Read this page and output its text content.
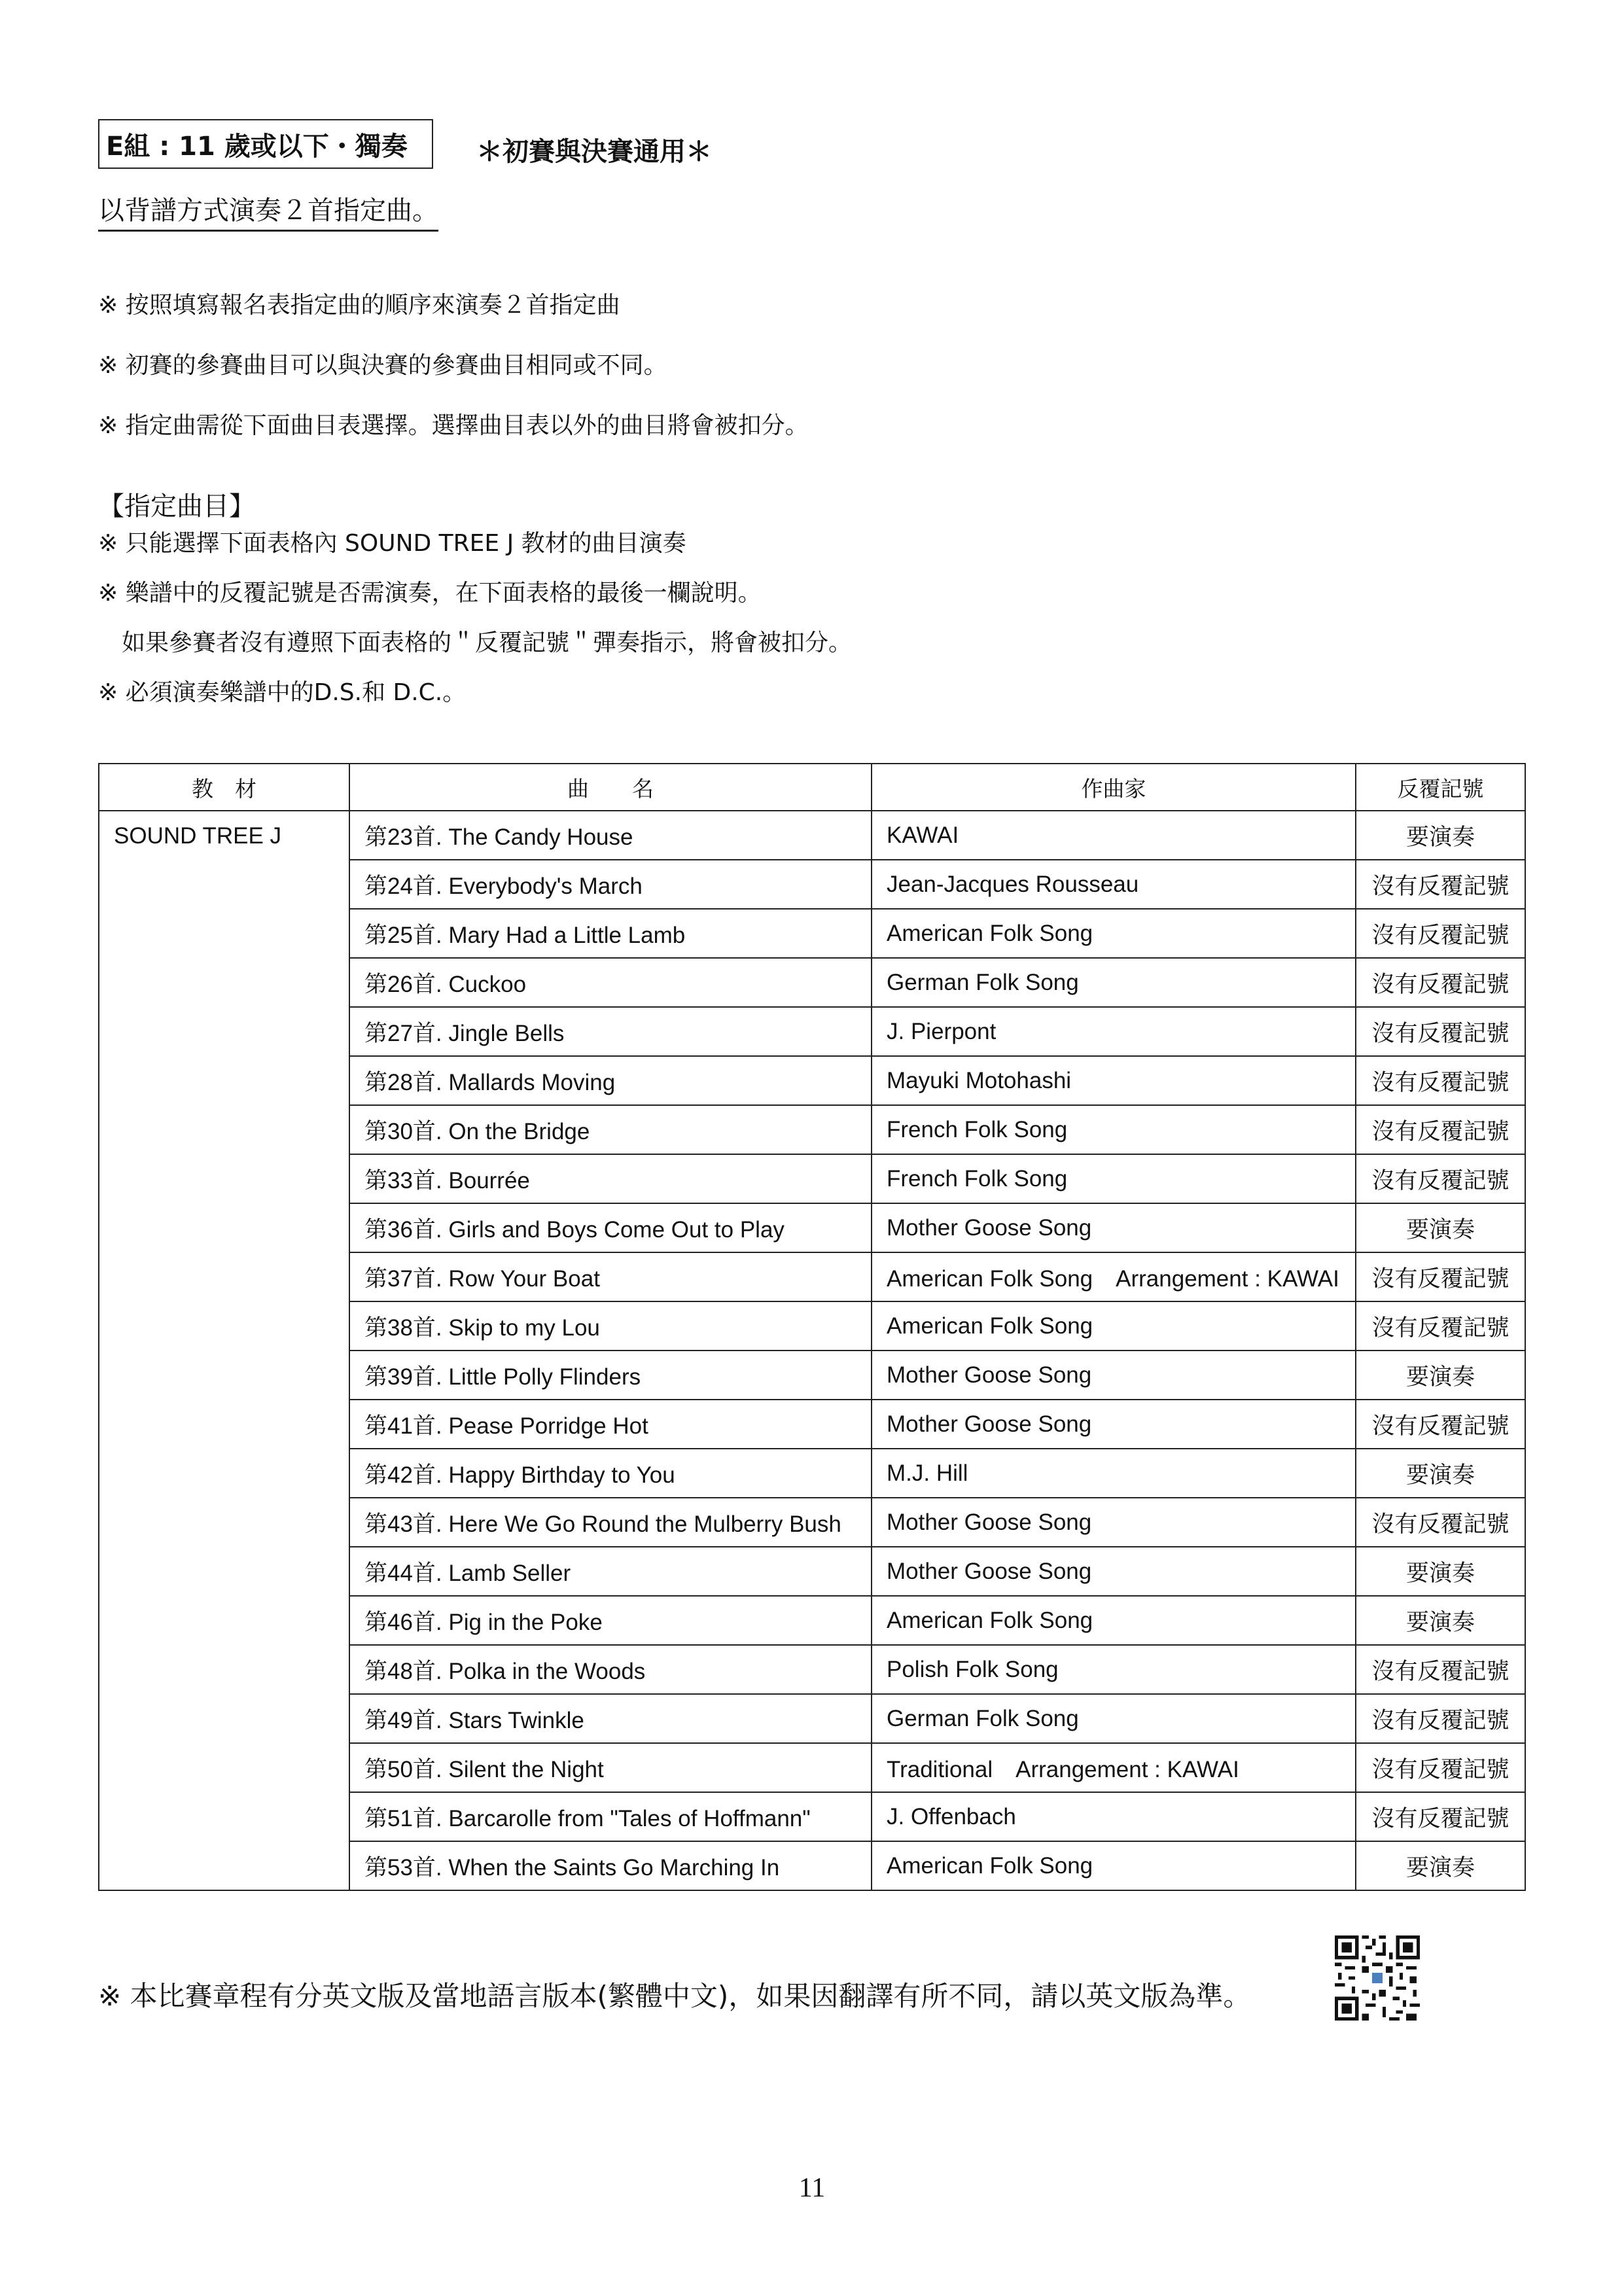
E組 : 11 歲或以下・獨奏	＊初賽與決賽通用＊
以背譜方式演奏２首指定曲。
※ 按照填寫報名表指定曲的順序來演奏２首指定曲
※ 初賽的參賽曲目可以與決賽的參賽曲目相同或不同。
※ 指定曲需從下面曲目表選擇。選擇曲目表以外的曲目將會被扣分。
【指定曲目】
※ 只能選擇下面表格內 SOUND TREE J 教材的曲目演奏
※ 樂譜中的反覆記號是否需演奏，在下面表格的最後一欄說明。
　如果參賽者沒有遵照下面表格的＂反覆記號＂彈奏指示，將會被扣分。
※ 必須演奏樂譜中的D.S.和 D.C.。
教　材	曲　　名	作曲家	反覆記號
SOUND TREE J	第23首. The Candy House	KAWAI	要演奏
	第24首. Everybody's March	Jean-Jacques Rousseau	沒有反覆記號
	第25首. Mary Had a Little Lamb	American Folk Song	沒有反覆記號
	第26首. Cuckoo	German Folk Song	沒有反覆記號
	第27首. Jingle Bells	J. Pierpont	沒有反覆記號
	第28首. Mallards Moving	Mayuki Motohashi	沒有反覆記號
	第30首. On the Bridge	French Folk Song	沒有反覆記號
	第33首. Bourrée	French Folk Song	沒有反覆記號
	第36首. Girls and Boys Come Out to Play	Mother Goose Song	要演奏
	第37首. Row Your Boat	American Folk Song　Arrangement : KAWAI	沒有反覆記號
	第38首. Skip to my Lou	American Folk Song	沒有反覆記號
	第39首. Little Polly Flinders	Mother Goose Song	要演奏
	第41首. Pease Porridge Hot	Mother Goose Song	沒有反覆記號
	第42首. Happy Birthday to You	M.J. Hill	要演奏
	第43首. Here We Go Round the Mulberry Bush	Mother Goose Song	沒有反覆記號
	第44首. Lamb Seller	Mother Goose Song	要演奏
	第46首. Pig in the Poke	American Folk Song	要演奏
	第48首. Polka in the Woods	Polish Folk Song	沒有反覆記號
	第49首. Stars Twinkle	German Folk Song	沒有反覆記號
	第50首. Silent the Night	Traditional　Arrangement : KAWAI	沒有反覆記號
	第51首. Barcarolle from "Tales of Hoffmann"	J. Offenbach	沒有反覆記號
	第53首. When the Saints Go Marching In	American Folk Song	要演奏
※ 本比賽章程有分英文版及當地語言版本(繁體中文)，如果因翻譯有所不同，請以英文版為準。
11
